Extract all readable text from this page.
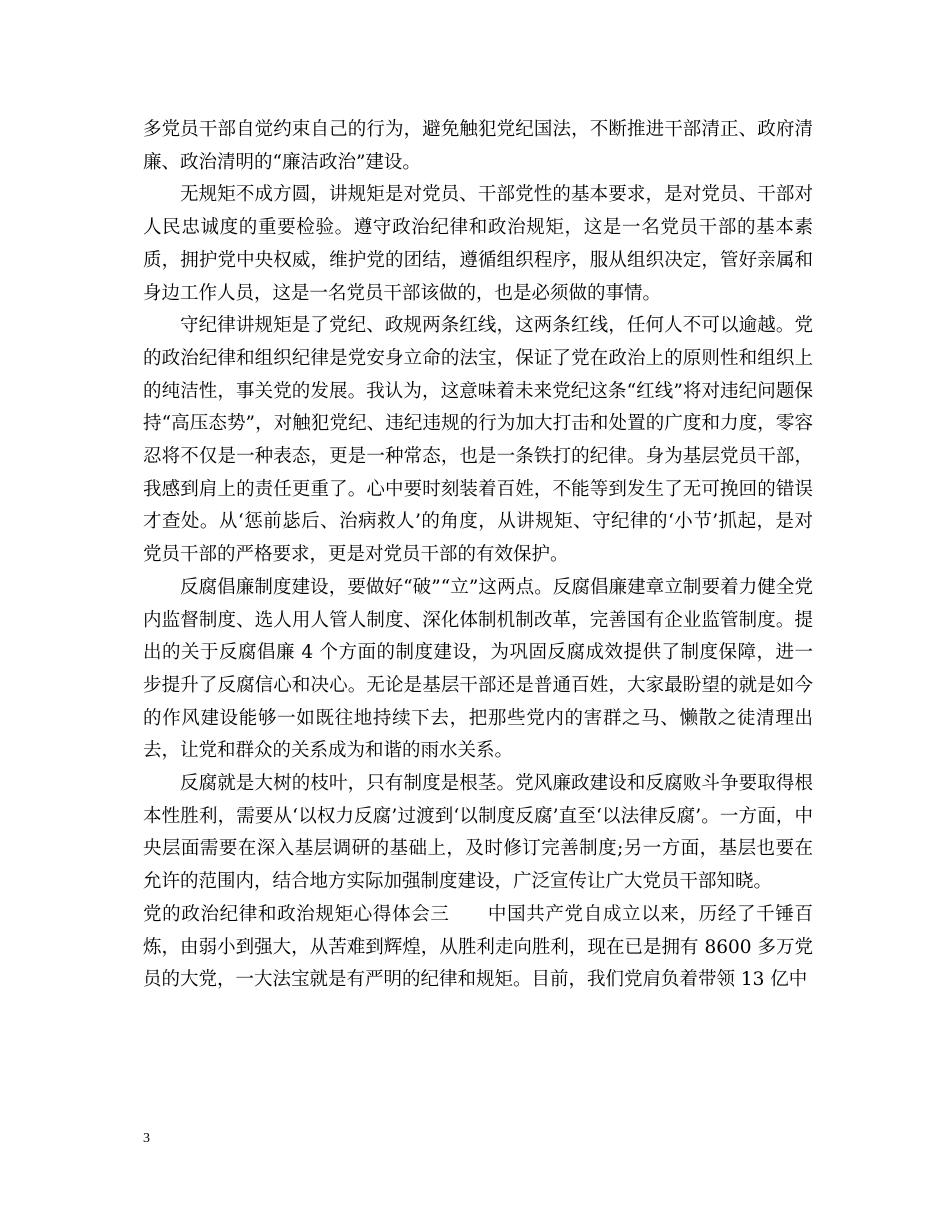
多党员干部自觉约束自己的行为，避免触犯党纪国法，不断推进干部清正、政府清廉、政治清明的“廉洁政治”建设。

无规矩不成方圆，讲规矩是对党员、干部党性的基本要求，是对党员、干部对人民忠诚度的重要检验。遵守政治纪律和政治规矩，这是一名党员干部的基本素质，拥护党中央权威，维护党的团结，遵循组织程序，服从组织决定，管好亲属和身边工作人员，这是一名党员干部该做的，也是必须做的事情。

守纪律讲规矩是了党纪、政规两条红线，这两条红线，任何人不可以逾越。党的政治纪律和组织纪律是党安身立命的法宝，保证了党在政治上的原则性和组织上的纯洁性，事关党的发展。我认为，这意味着未来党纪这条“红线”将对违纪问题保持“高压态势”，对触犯党纪、违纪违规的行为加大打击和处置的广度和力度，零容忍将不仅是一种表态，更是一种常态，也是一条铁打的纪律。身为基层党员干部，我感到肩上的责任更重了。心中要时刻装着百姓，不能等到发生了无可挽回的错误才查处。从‘惩前毖后、治病救人’的角度，从讲规矩、守纪律的‘小节’抓起，是对党员干部的严格要求，更是对党员干部的有效保护。

反腐倡廉制度建设，要做好“破”“立”这两点。反腐倡廉建章立制要着力健全党内监督制度、选人用人管人制度、深化体制机制改革，完善国有企业监管制度。提出的关于反腐倡廉 4 个方面的制度建设，为巩固反腐成效提供了制度保障，进一步提升了反腐信心和决心。无论是基层干部还是普通百姓，大家最盼望的就是如今的作风建设能够一如既往地持续下去，把那些党内的害群之马、懒散之徒清理出去，让党和群众的关系成为和谐的雨水关系。

反腐就是大树的枝叶，只有制度是根茎。党风廉政建设和反腐败斗争要取得根本性胜利，需要从‘以权力反腐’过渡到‘以制度反腐’直至‘以法律反腐’。一方面，中央层面需要在深入基层调研的基础上，及时修订完善制度;另一方面，基层也要在允许的范围内，结合地方实际加强制度建设，广泛宣传让广大党员干部知晓。

党的政治纪律和政治规矩心得体会三　　中国共产党自成立以来，历经了千锤百炼，由弱小到强大，从苦难到辉煌，从胜利走向胜利，现在已是拥有 8600 多万党员的大党，一大法宝就是有严明的纪律和规矩。目前，我们党肩负着带领 13 亿中

3
